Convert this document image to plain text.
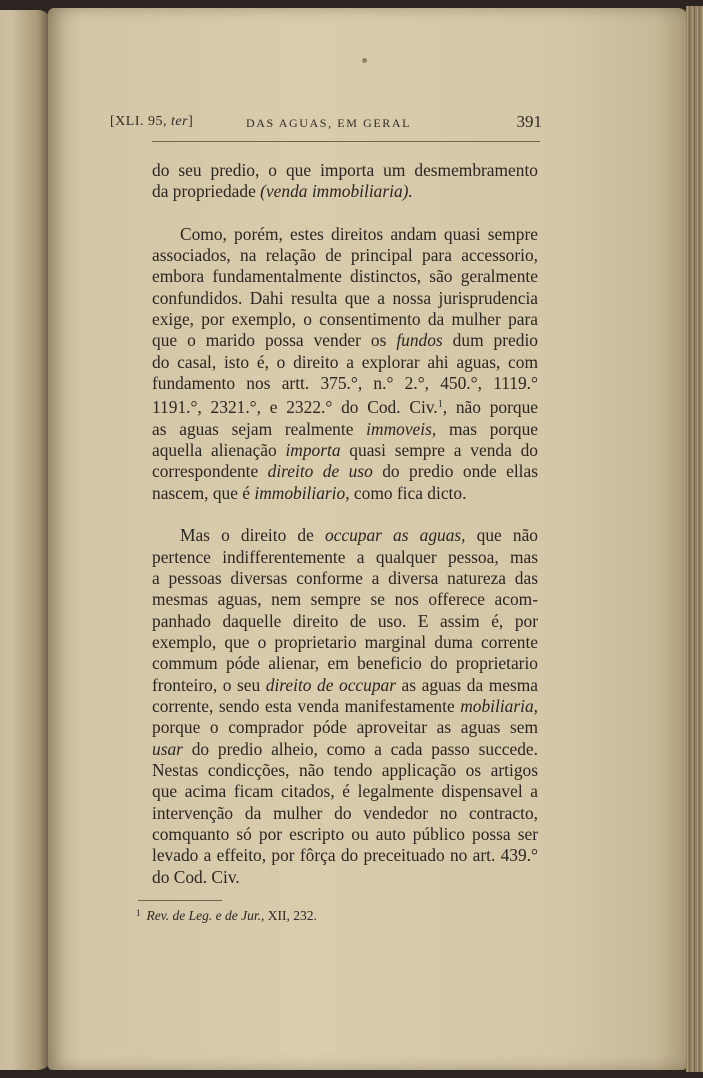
[XLI. 95, ter]	DAS AGUAS, EM GERAL	391
do seu predio, o que importa um desmembramento
da propriedade (venda immobiliaria).
Como, porém, estes direitos andam quasi sempre
associados, na relação de principal para accessorio,
embora fundamentalmente distinctos, são geralmente
confundidos. Dahi resulta que a nossa jurisprudencia
exige, por exemplo, o consentimento da mulher para
que o marido possa vender os fundos dum predio
do casal, isto é, o direito a explorar ahi aguas, com
fundamento nos artt. 375.°, n.° 2.°, 450.°, 1119.°
1191.°, 2321.°, e 2322.° do Cod. Civ.$^1$, não porque
as aguas sejam realmente immoveis, mas porque
aquella alienação importa quasi sempre a venda do
correspondente direito de uso do predio onde ellas
nascem, que é immobiliario, como fica dicto.
Mas o direito de occupar as aguas, que não
pertence indifferentemente a qualquer pessoa, mas
a pessoas diversas conforme a diversa natureza das
mesmas aguas, nem sempre se nos offerece acom-
panhado daquelle direito de uso. E assim é, por
exemplo, que o proprietario marginal duma corrente
commum póde alienar, em beneficio do proprietario
fronteiro, o seu direito de occupar as aguas da mesma
corrente, sendo esta venda manifestamente mobiliaria,
porque o comprador póde aproveitar as aguas sem
usar do predio alheio, como a cada passo succede.
Nestas condicções, não tendo applicação os artigos
que acima ficam citados, é legalmente dispensavel a
intervenção da mulher do vendedor no contracto,
comquanto só por escripto ou auto público possa ser
levado a effeito, por fôrça do preceituado no art. 439.°
do Cod. Civ.
$^1$ Rev. de Leg. e de Jur., XII, 232.
